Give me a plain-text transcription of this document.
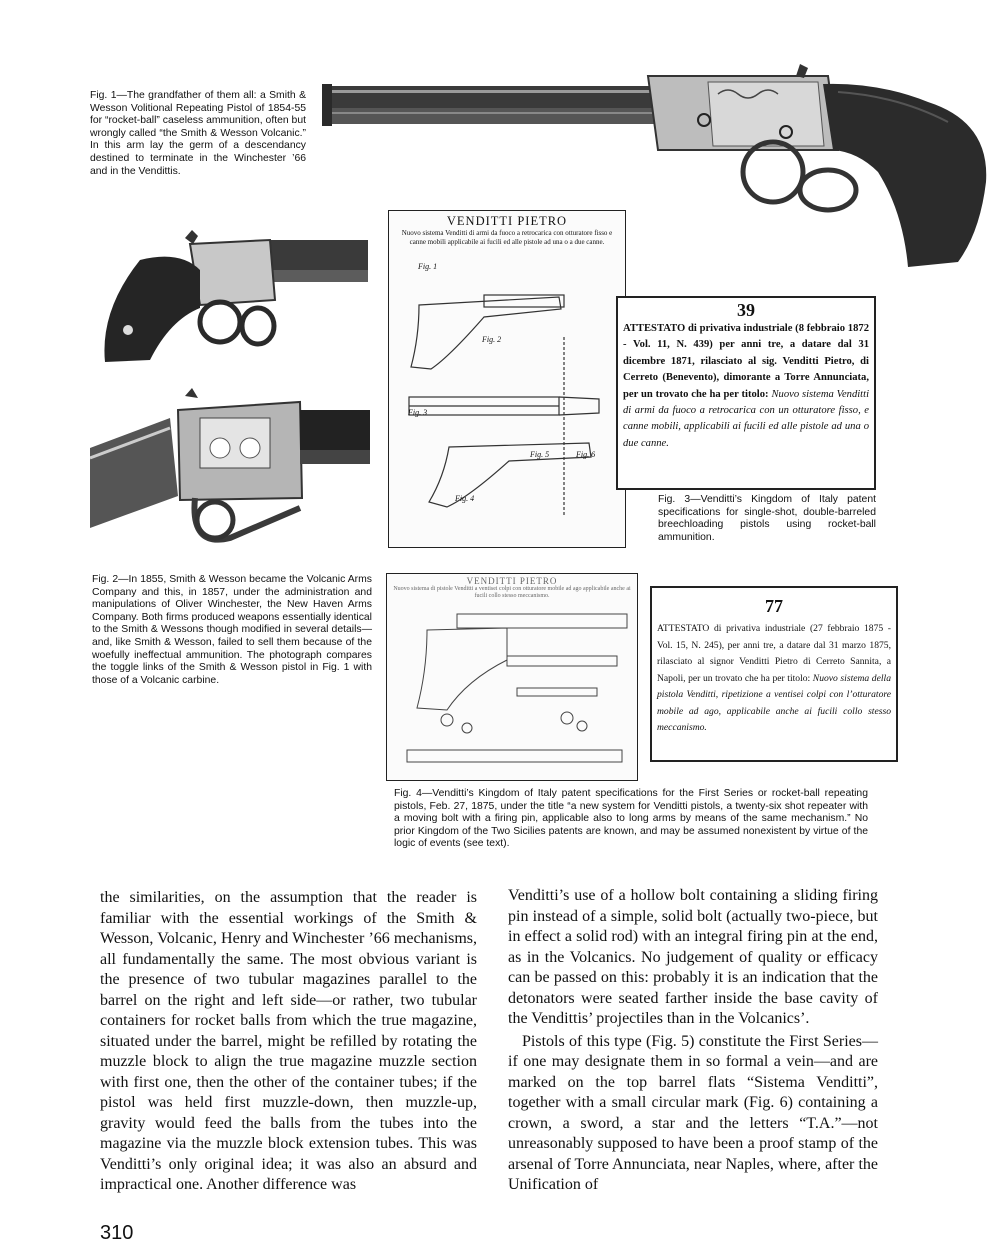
Fig. 1—The grandfather of them all: a Smith & Wesson Volitional Repeating Pistol of 1854-55 for “rocket-ball” caseless ammunition, often but wrongly called “the Smith & Wesson Volcanic.” In this arm lay the germ of a descendancy destined to terminate in the Winchester ’66 and in the Vendittis.
Fig. 2—In 1855, Smith & Wesson became the Volcanic Arms Company and this, in 1857, under the administration and manipulations of Oliver Winchester, the New Haven Arms Company. Both firms produced weapons essentially identical to the Smith & Wessons though modified in several details—and, like Smith & Wesson, failed to sell them because of the woefully ineffectual ammunition. The photograph compares the toggle links of the Smith & Wesson pistol in Fig. 1 with those of a Volcanic carbine.
VENDITTI PIETRO
Nuovo sistema Venditti di armi da fuoco a retrocarica con otturatore fisso e canne mobili applicabile ai fucili ed alle pistole ad una o a due canne.
Fig. 1
Fig. 2
Fig. 3
Fig. 5	Fig. 6
Fig. 4
39
ATTESTATO di privativa industriale (8 febbraio 1872 - Vol. 11, N. 439) per anni tre, a datare dal 31 dicembre 1871, rilasciato al sig. Venditti Pietro, di Cerreto (Benevento), dimorante a Torre Annunciata, per un trovato che ha per titolo: Nuovo sistema Venditti di armi da fuoco a retrocarica con un otturatore fisso, e canne mobili, applicabili ai fucili ed alle pistole ad una o due canne.
Fig. 3—Venditti’s Kingdom of Italy patent specifications for single-shot, double-barreled breechloading pistols using rocket-ball ammunition.
VENDITTI PIETRO
Nuovo sistema di pistole Venditti a ventisei colpi con otturatore mobile ad ago applicabile anche ai fucili collo stesso meccanismo.	77
ATTESTATO di privativa industriale (27 febbraio 1875 - Vol. 15, N. 245), per anni tre, a datare dal 31 marzo 1875, rilasciato al signor Venditti Pietro di Cerreto Sannita, a Napoli, per un trovato che ha per titolo: Nuovo sistema della pistola Venditti, ripetizione a ventisei colpi con l’otturatore mobile ad ago, applicabile anche ai fucili collo stesso meccanismo.
Fig. 4—Venditti’s Kingdom of Italy patent specifications for the First Series or rocket-ball repeating pistols, Feb. 27, 1875, under the title “a new system for Venditti pistols, a twenty-six shot repeater with a moving bolt with a firing pin, applicable also to long arms by means of the same mechanism.” No prior Kingdom of the Two Sicilies patents are known, and may be assumed nonexistent by virtue of the logic of events (see text).

the similarities, on the assumption that the reader is familiar with the essential workings of the Smith & Wesson, Volcanic, Henry and Winchester ’66 mechanisms, all fundamentally the same. The most obvious variant is the presence of two tubular magazines parallel to the barrel on the right and left side—or rather, two tubular containers for rocket balls from which the true magazine, situated under the barrel, might be refilled by rotating the muzzle block to align the true magazine muzzle section with first one, then the other of the container tubes; if the pistol was held first muzzle-down, then muzzle-up, gravity would feed the balls from the tubes into the magazine via the muzzle block extension tubes. This was Venditti’s only original idea; it was also an absurd and impractical one. Another difference was

Venditti’s use of a hollow bolt containing a sliding firing pin instead of a simple, solid bolt (actually two-piece, but in effect a solid rod) with an integral firing pin at the end, as in the Volcanics. No judgement of quality or efficacy can be passed on this: probably it is an indication that the detonators were seated farther inside the base cavity of the Vendittis’ projectiles than in the Volcanics’.

Pistols of this type (Fig. 5) constitute the First Series—if one may designate them in so formal a vein—and are marked on the top barrel flats “Sistema Venditti”, together with a small circular mark (Fig. 6) containing a crown, a sword, a star and the letters “T.A.”—not unreasonably supposed to have been a proof stamp of the arsenal of Torre Annunciata, near Naples, where, after the Unification of

310
